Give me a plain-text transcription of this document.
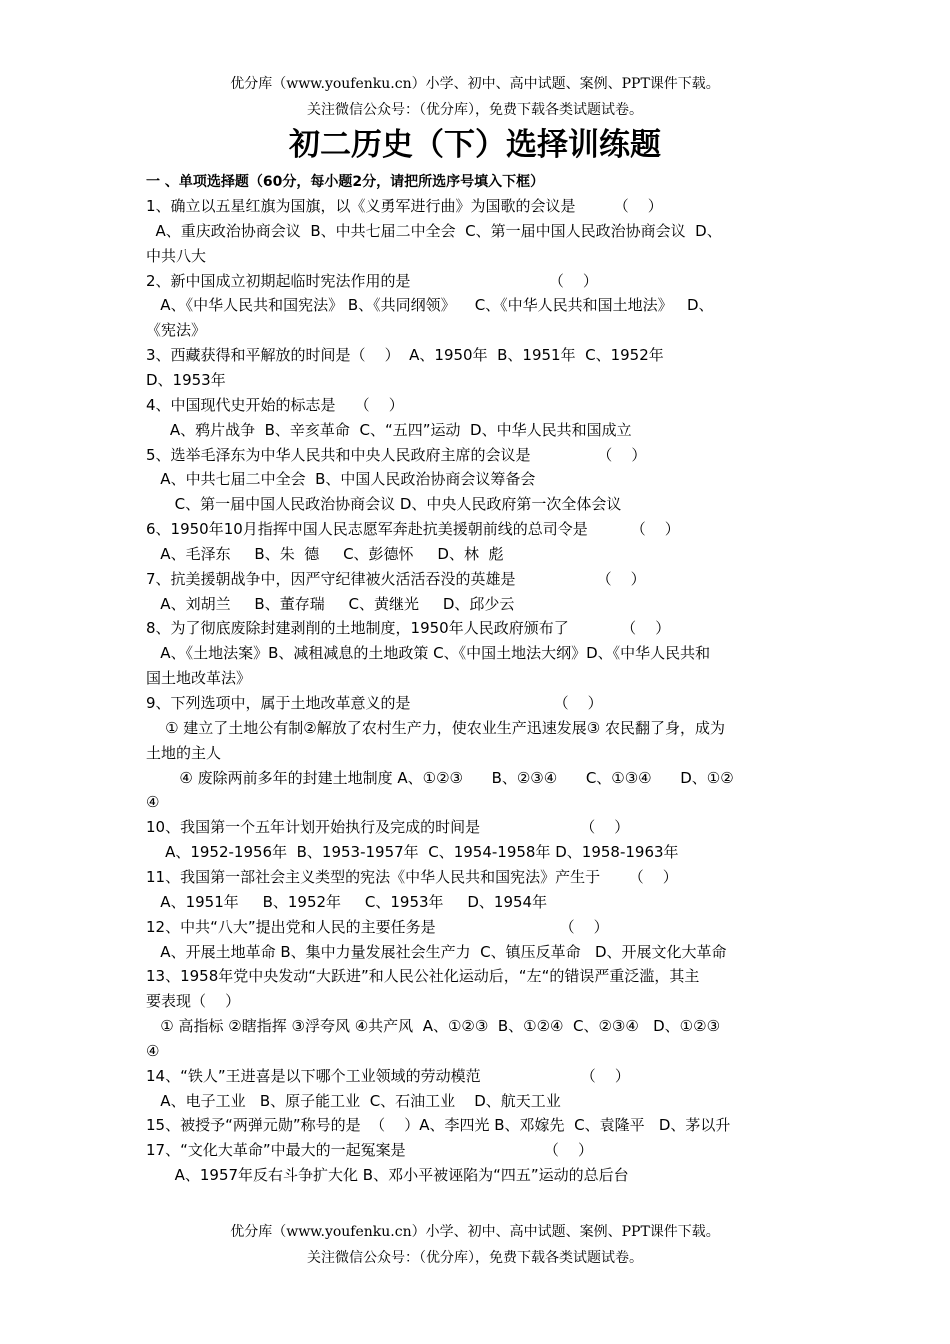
优分库（www.youfenku.cn）小学、初中、高中试题、案例、PPT课件下载。
关注微信公众号：（优分库），免费下载各类试题试卷。
初二历史（下）选择训练题
一 、单项选择题（60分，每小题2分，请把所选序号填入下框）
1、确立以五星红旗为国旗，以《义勇军进行曲》为国歌的会议是        （    ）
A、重庆政治协商会议  B、中共七届二中全会  C、第一届中国人民政治协商会议  D、
中共八大
2、新中国成立初期起临时宪法作用的是                             （    ）
A、《中华人民共和国宪法》 B、《共同纲领》    C、《中华人民共和国土地法》   D、
《宪法》
3、西藏获得和平解放的时间是（    ）  A、1950年  B、1951年  C、1952年
D、1953年
4、中国现代史开始的标志是    （    ）
A、鸦片战争  B、辛亥革命  C、“五四”运动  D、中华人民共和国成立
5、选举毛泽东为中华人民共和中央人民政府主席的会议是              （    ）
A、中共七届二中全会  B、中国人民政治协商会议筹备会
C、第一届中国人民政治协商会议 D、中央人民政府第一次全体会议
6、1950年10月指挥中国人民志愿军奔赴抗美援朝前线的总司令是         （    ）
A、毛泽东     B、朱  德     C、彭德怀     D、林  彪
7、抗美援朝战争中，因严守纪律被火活活吞没的英雄是                 （    ）
A、刘胡兰     B、董存瑞     C、黄继光     D、邱少云
8、为了彻底废除封建剥削的土地制度，1950年人民政府颁布了           （    ）
A、《土地法案》B、减租减息的土地政策 C、《中国土地法大纲》D、《中华人民共和
国土地改革法》
9、下列选项中，属于土地改革意义的是                              （    ）
① 建立了土地公有制②解放了农村生产力，使农业生产迅速发展③ 农民翻了身，成为
土地的主人
④ 废除两前多年的封建土地制度 A、①②③      B、②③④      C、①③④      D、①②
④
10、我国第一个五年计划开始执行及完成的时间是                     （    ）
A、1952-1956年  B、1953-1957年  C、1954-1958年 D、1958-1963年
11、我国第一部社会主义类型的宪法《中华人民共和国宪法》产生于      （    ）
A、1951年     B、1952年     C、1953年     D、1954年
12、中共“八大”提出党和人民的主要任务是                          （    ）
A、开展土地革命 B、集中力量发展社会生产力  C、镇压反革命   D、开展文化大革命
13、1958年党中央发动“大跃进”和人民公社化运动后，“左“的错误严重泛滥，其主
要表现（    ）
① 高指标 ②瞎指挥 ③浮夸风 ④共产风  A、①②③  B、①②④  C、②③④   D、①②③
④
14、“铁人”王进喜是以下哪个工业领域的劳动模范                     （    ）
A、电子工业   B、原子能工业  C、石油工业    D、航天工业
15、被授予“两弹元勋”称号的是  （    ）A、李四光 B、邓嫁先  C、袁隆平   D、茅以升
17、“文化大革命”中最大的一起冤案是                             （    ）
A、1957年反右斗争扩大化 B、邓小平被诬陷为“四五”运动的总后台
优分库（www.youfenku.cn）小学、初中、高中试题、案例、PPT课件下载。
关注微信公众号：（优分库），免费下载各类试题试卷。
